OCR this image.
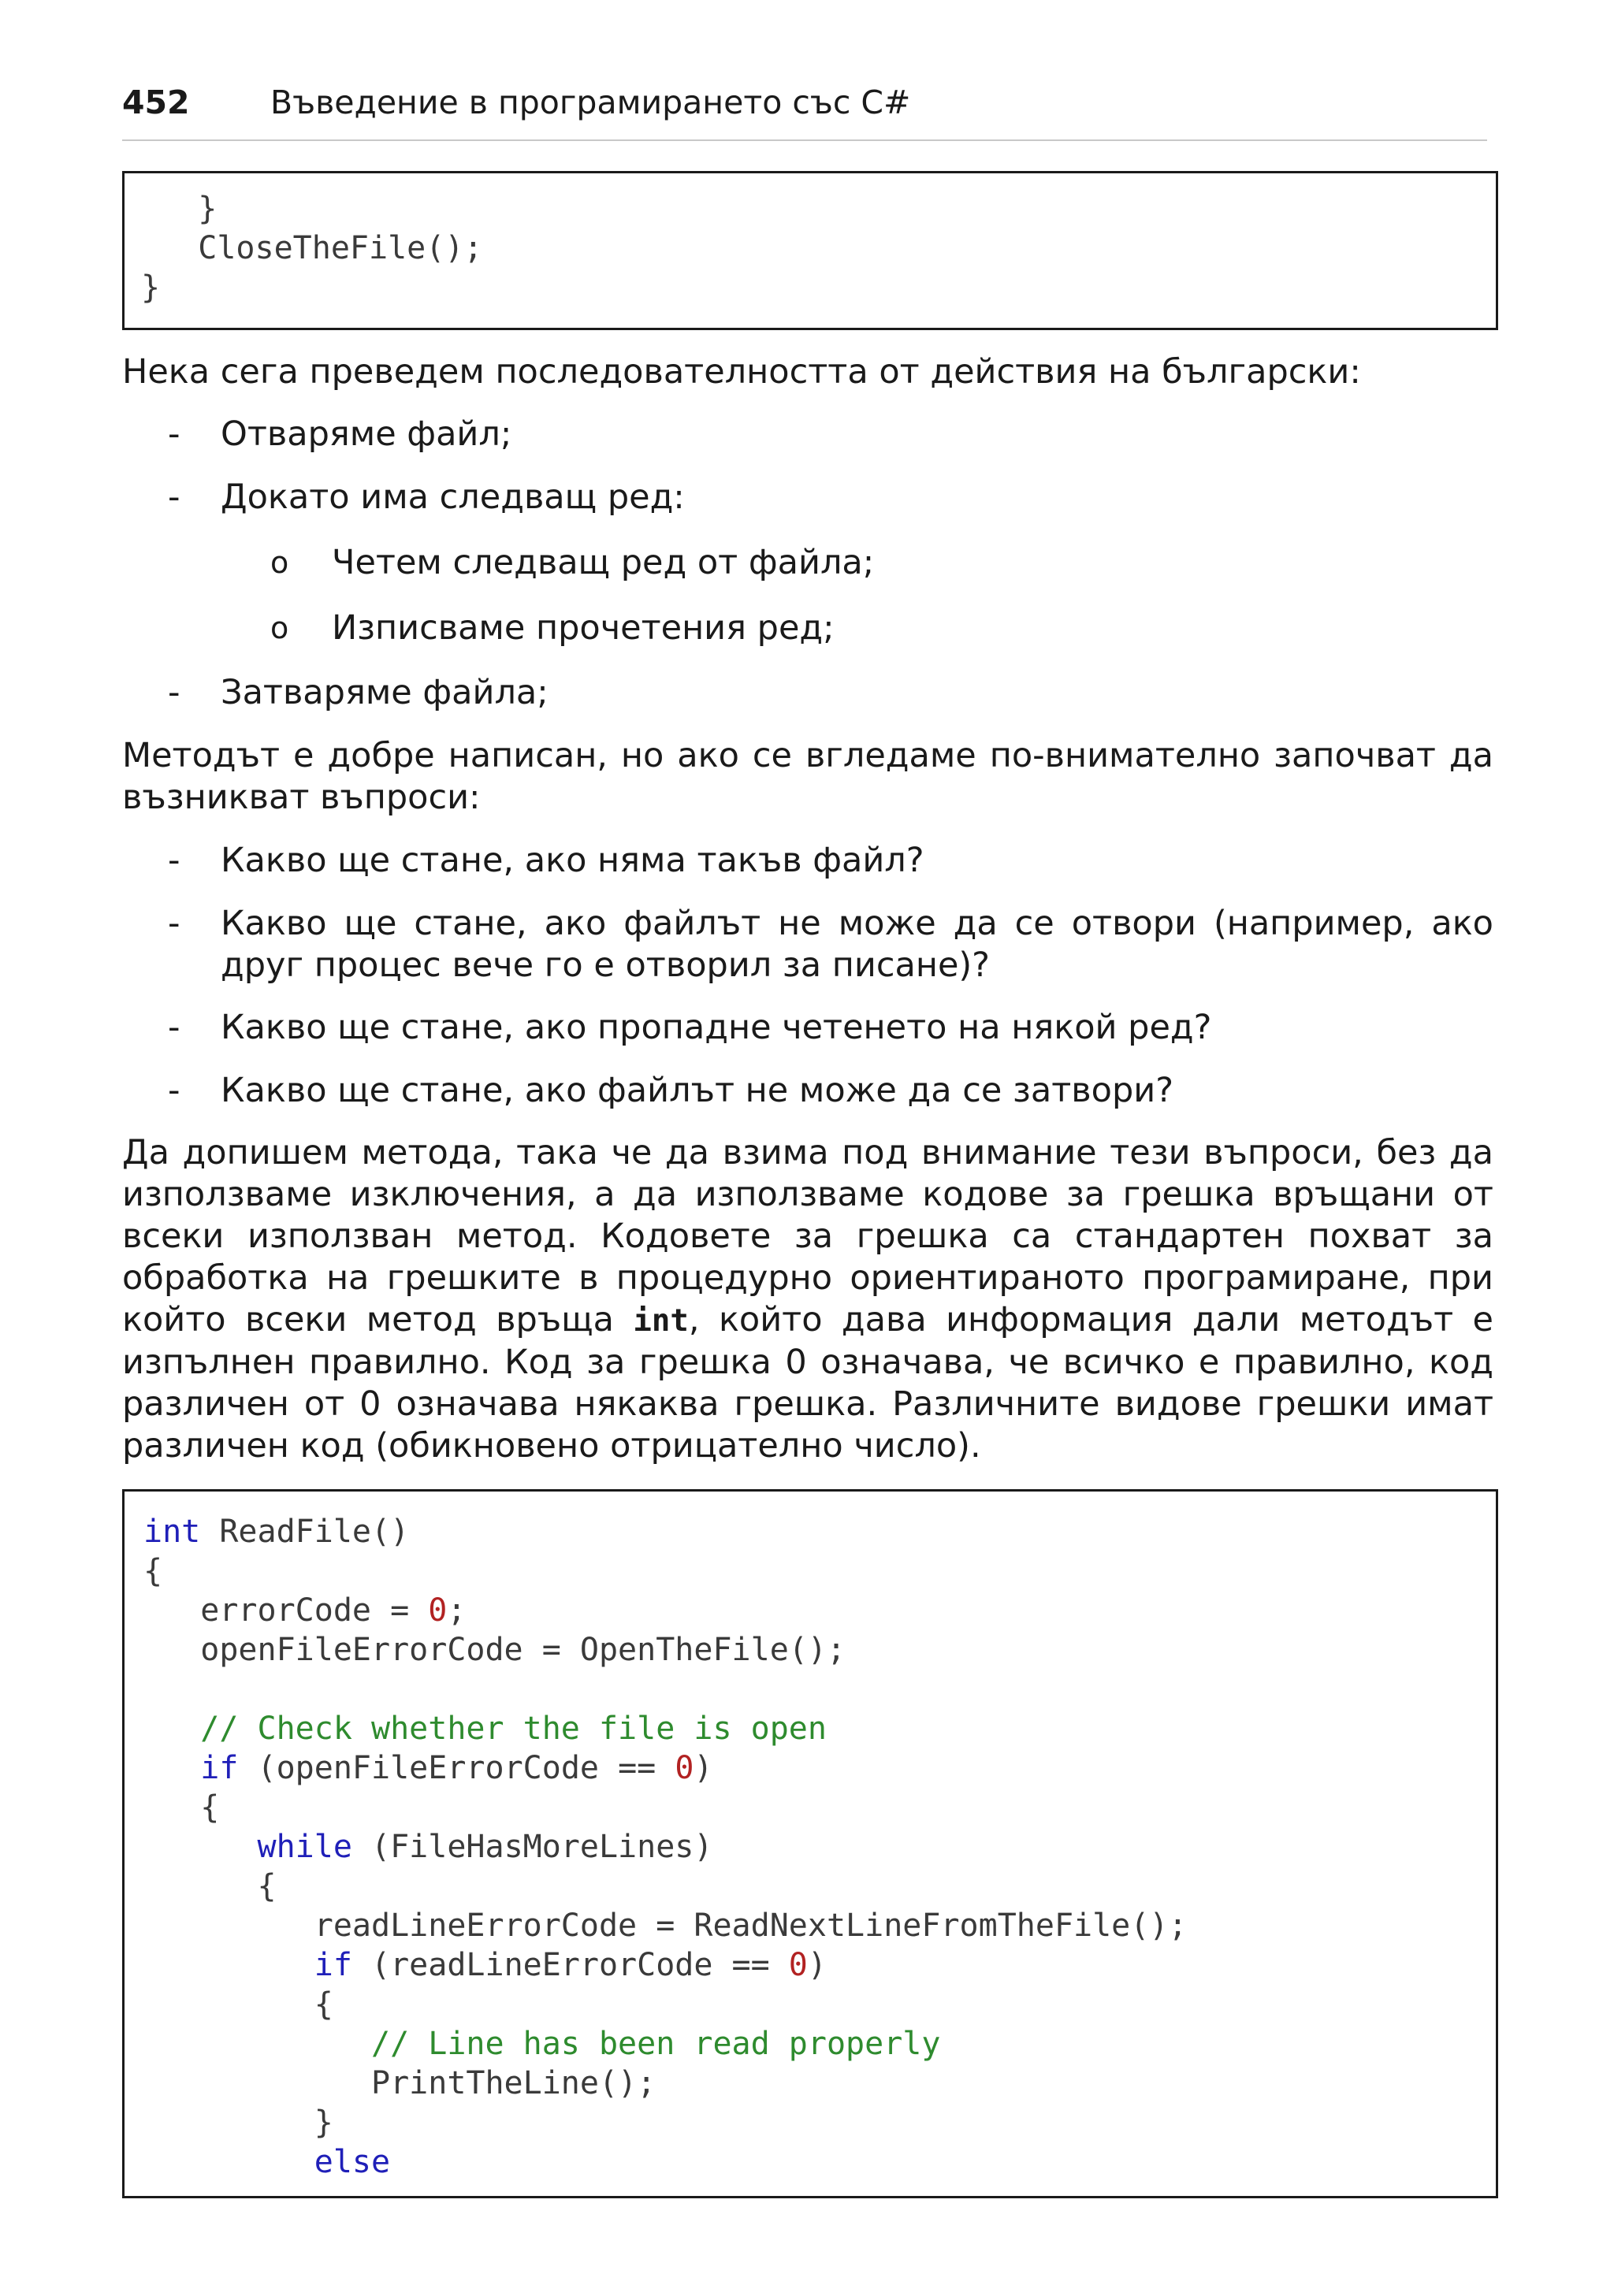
452 Въведение в програмирането със C#
}
CloseTheFile();
}
Нека сега преведем последователността от действия на български:
- Отваряме файл;
- Докато има следващ ред:
o Четем следващ ред от файла;
o Изписваме прочетения ред;
- Затваряме файла;
Методът е добре написан, но ако се вгледаме по-внимателно започват да възникват въпроси:
- Какво ще стане, ако няма такъв файл?
- Какво ще стане, ако файлът не може да се отвори (например, ако друг процес вече го е отворил за писане)?
- Какво ще стане, ако пропадне четенето на някой ред?
- Какво ще стане, ако файлът не може да се затвори?
Да допишем метода, така че да взима под внимание тези въпроси, без да използваме изключения, а да използваме кодове за грешка връщани от всеки използван метод. Кодовете за грешка са стандартен похват за обработка на грешките в процедурно ориентираното програмиране, при който всеки метод връща int, който дава информация дали методът е изпълнен правилно. Код за грешка 0 означава, че всичко е правилно, код различен от 0 означава някаква грешка. Различните видове грешки имат различен код (обикновено отрицателно число).
int ReadFile()
{
errorCode = 0;
openFileErrorCode = OpenTheFile();

// Check whether the file is open
if (openFileErrorCode == 0)
{
while (FileHasMoreLines)
{
readLineErrorCode = ReadNextLineFromTheFile();
if (readLineErrorCode == 0)
{
// Line has been read properly
PrintTheLine();
}
else
